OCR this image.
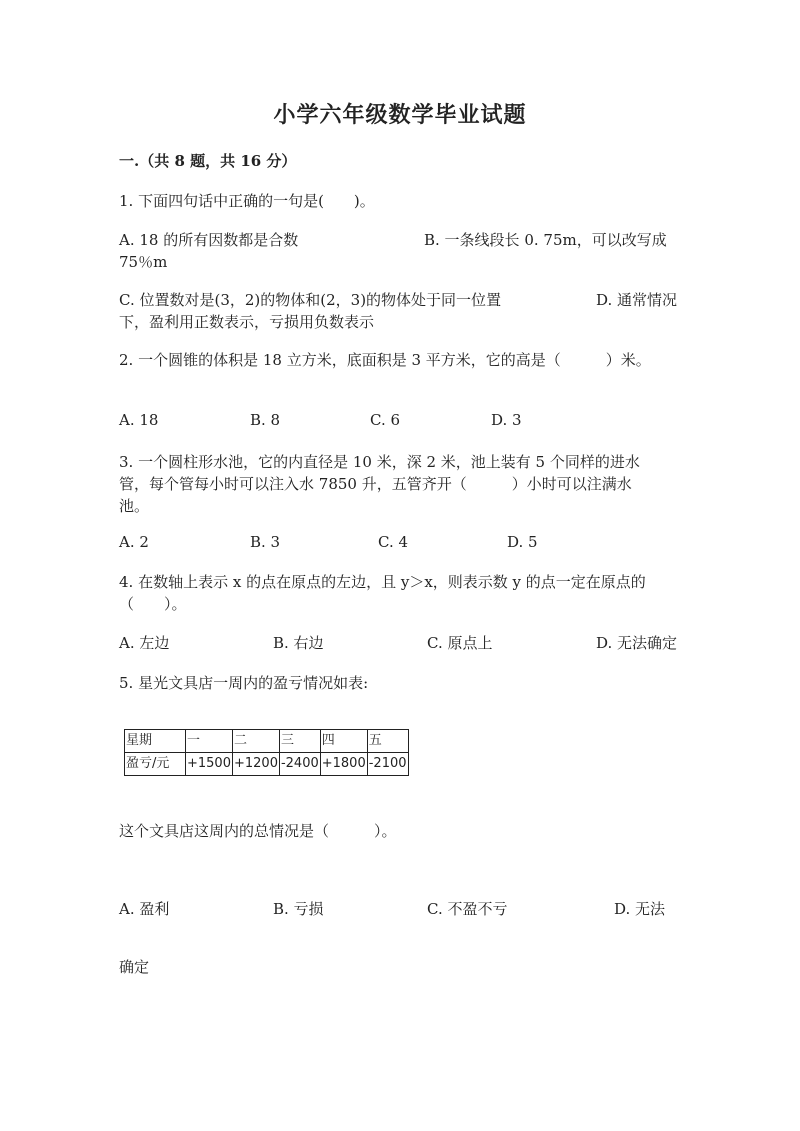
小学六年级数学毕业试题
一.（共 8 题，共 16 分）
1. 下面四句话中正确的一句是(　　)。
A. 18 的所有因数都是合数	B. 一条线段长 0. 75m，可以改写成
75％m
C. 位置数对是(3，2)的物体和(2，3)的物体处于同一位置	D. 通常情况
下，盈利用正数表示，亏损用负数表示
2. 一个圆锥的体积是 18 立方米，底面积是 3 平方米，它的高是（　　　）米。
A. 18	B. 8	C. 6	D. 3
3. 一个圆柱形水池，它的内直径是 10 米，深 2 米，池上装有 5 个同样的进水
管，每个管每小时可以注入水 7850 升，五管齐开（　　　）小时可以注满水
池。
A. 2	B. 3	C. 4	D. 5
4. 在数轴上表示 x 的点在原点的左边，且 y＞x，则表示数 y 的点一定在原点的
（　　）。
A. 左边	B. 右边	C. 原点上	D. 无法确定
5. 星光文具店一周内的盈亏情况如表:
星期	一	二	三	四	五
盈亏/元	+1500	+1200	-2400	+1800	-2100
这个文具店这周内的总情况是（　　　）。
A. 盈利	B. 亏损	C. 不盈不亏	D. 无法
确定
